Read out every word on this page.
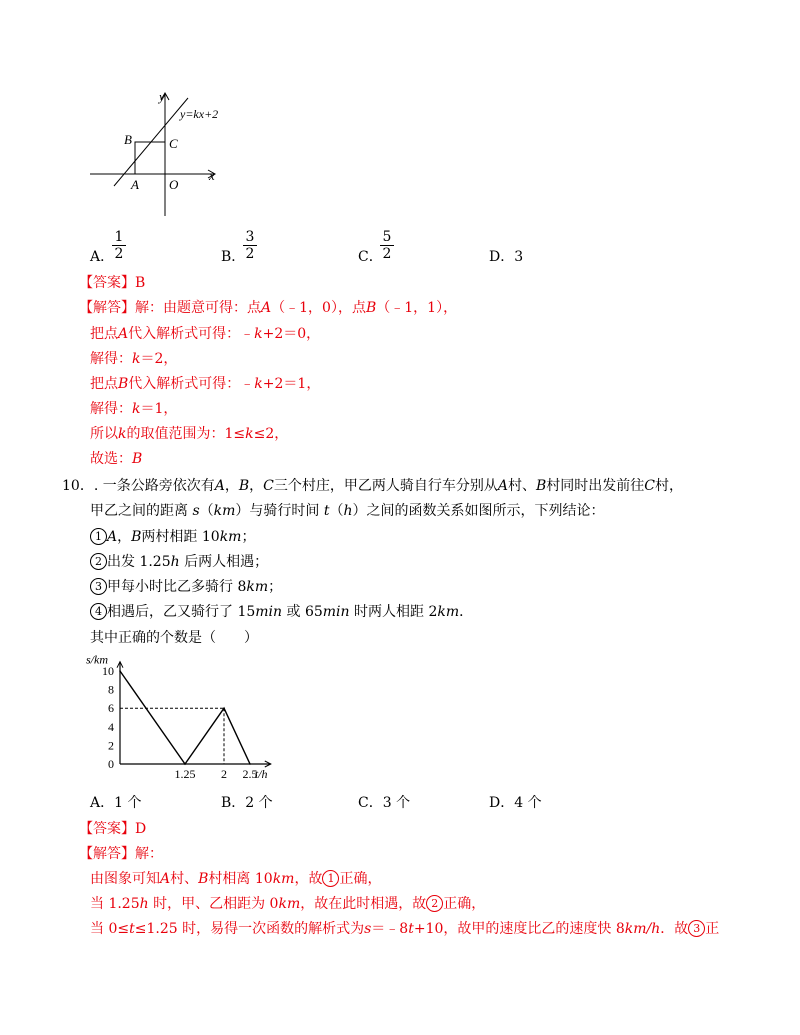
y
x
y=kx+2
B	C
A O
A．
1
2	B．
3
2	C．
5
2	D．3
【答案】B
【解答】解：由题意可得：点A（﹣1，0），点B（﹣1，1），
把点A代入解析式可得：﹣k+2＝0，
解得：k＝2，
把点B代入解析式可得：﹣k+2＝1，
解得：k＝1，
所以k的取值范围为：1≤k≤2，
故选：B
10．. 一条公路旁依次有A，B，C三个村庄，甲乙两人骑自行车分别从A村、B村同时出发前往C村，
甲乙之间的距离 s（km）与骑行时间 t（h）之间的函数关系如图所示，下列结论：
1 A，B两村相距 10km；
2 出发 1.25h 后两人相遇；
3 甲每小时比乙多骑行 8km；
4 相遇后，乙又骑行了 15min 或 65min 时两人相距 2km．
其中正确的个数是（　　）
s/km
t/h
0
2
4
6
8
10
1.25 2 2.5
A．1 个	B．2 个	C．3 个	D．4 个
【答案】D
【解答】解：
由图象可知A村、B村相离 10km，故 1 正确，
当 1.25h 时，甲、乙相距为 0km，故在此时相遇，故 2 正确，
当 0≤t≤1.25 时，易得一次函数的解析式为s＝﹣8t+10，故甲的速度比乙的速度快 8km/h．故 3 正
